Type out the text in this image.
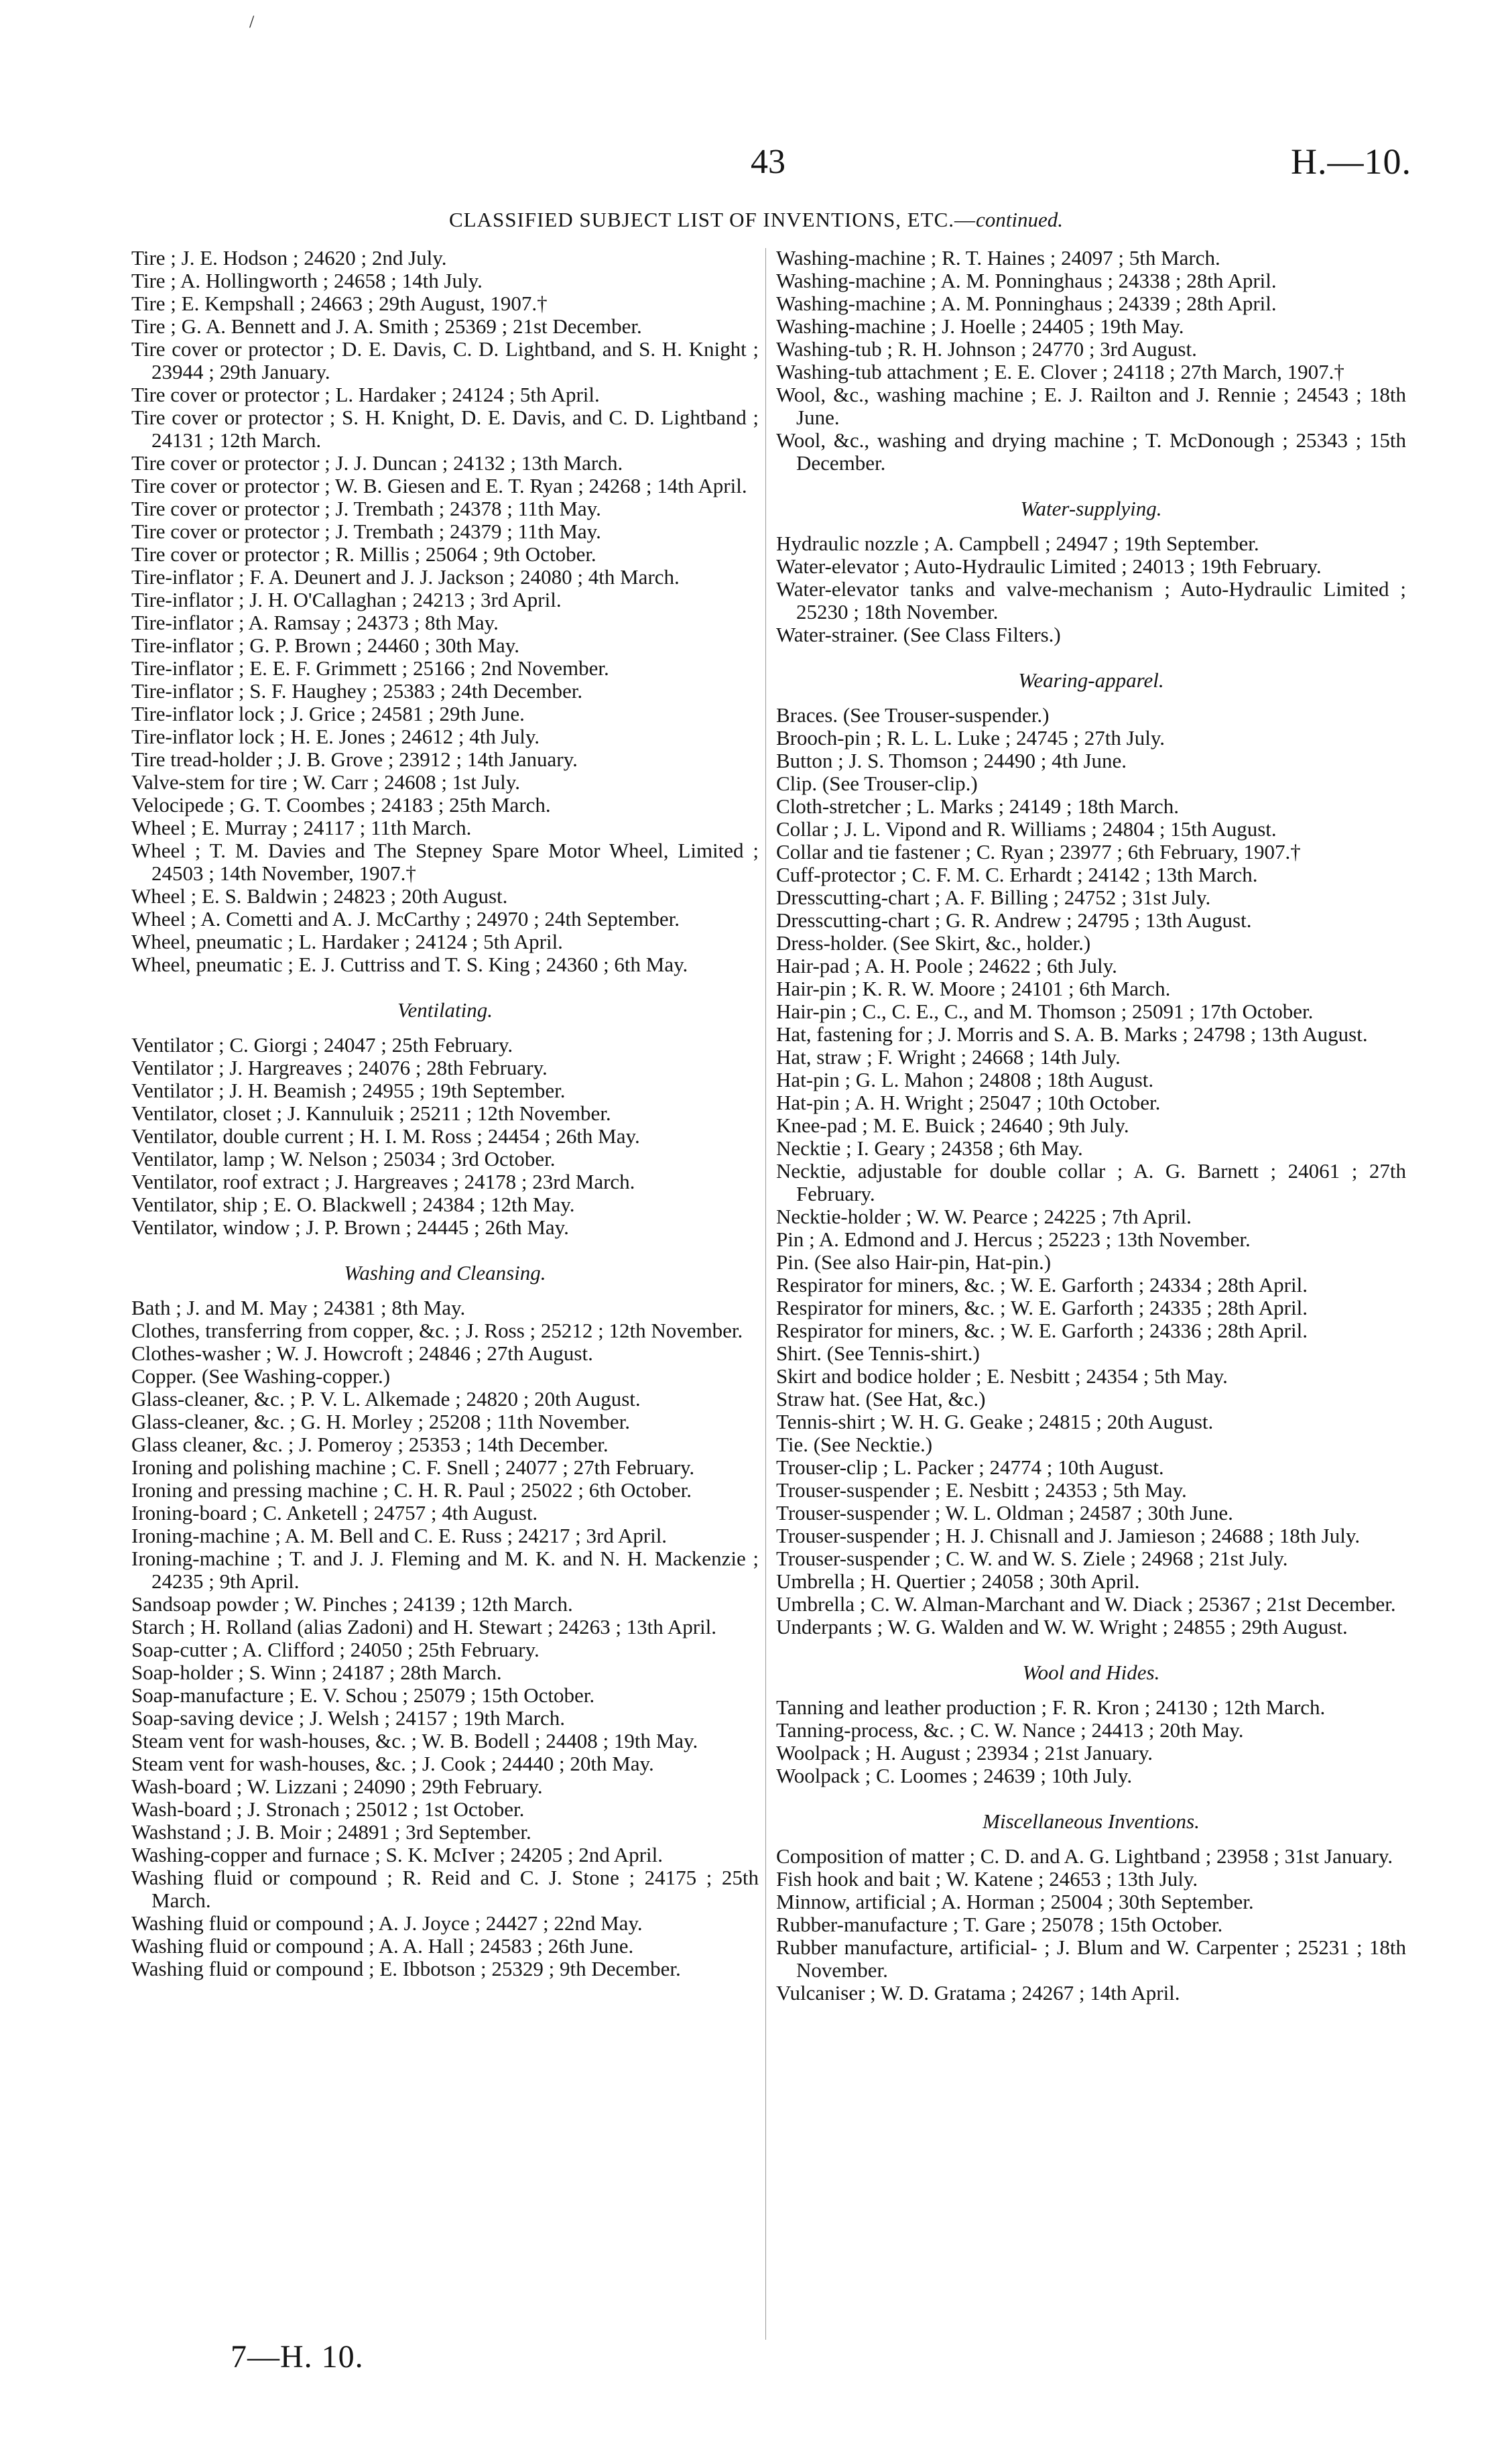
/
43	H.—10.
CLASSIFIED SUBJECT LIST OF INVENTIONS, ETC.—continued.

Tire ; J. E. Hodson ; 24620 ; 2nd July.

Tire ; A. Hollingworth ; 24658 ; 14th July.

Tire ; E. Kempshall ; 24663 ; 29th August, 1907.†

Tire ; G. A. Bennett and J. A. Smith ; 25369 ; 21st December.

Tire cover or protector ; D. E. Davis, C. D. Lightband, and S. H. Knight ; 23944 ; 29th January.

Tire cover or protector ; L. Hardaker ; 24124 ; 5th April.

Tire cover or protector ; S. H. Knight, D. E. Davis, and C. D. Lightband ; 24131 ; 12th March.

Tire cover or protector ; J. J. Duncan ; 24132 ; 13th March.

Tire cover or protector ; W. B. Giesen and E. T. Ryan ; 24268 ; 14th April.

Tire cover or protector ; J. Trembath ; 24378 ; 11th May.

Tire cover or protector ; J. Trembath ; 24379 ; 11th May.

Tire cover or protector ; R. Millis ; 25064 ; 9th October.

Tire-inflator ; F. A. Deunert and J. J. Jackson ; 24080 ; 4th March.

Tire-inflator ; J. H. O'Callaghan ; 24213 ; 3rd April.

Tire-inflator ; A. Ramsay ; 24373 ; 8th May.

Tire-inflator ; G. P. Brown ; 24460 ; 30th May.

Tire-inflator ; E. E. F. Grimmett ; 25166 ; 2nd November.

Tire-inflator ; S. F. Haughey ; 25383 ; 24th December.

Tire-inflator lock ; J. Grice ; 24581 ; 29th June.

Tire-inflator lock ; H. E. Jones ; 24612 ; 4th July.

Tire tread-holder ; J. B. Grove ; 23912 ; 14th January.

Valve-stem for tire ; W. Carr ; 24608 ; 1st July.

Velocipede ; G. T. Coombes ; 24183 ; 25th March.

Wheel ; E. Murray ; 24117 ; 11th March.

Wheel ; T. M. Davies and The Stepney Spare Motor Wheel, Limited ; 24503 ; 14th November, 1907.†

Wheel ; E. S. Baldwin ; 24823 ; 20th August.

Wheel ; A. Cometti and A. J. McCarthy ; 24970 ; 24th September.

Wheel, pneumatic ; L. Hardaker ; 24124 ; 5th April.

Wheel, pneumatic ; E. J. Cuttriss and T. S. King ; 24360 ; 6th May.

Ventilating.

Ventilator ; C. Giorgi ; 24047 ; 25th February.

Ventilator ; J. Hargreaves ; 24076 ; 28th February.

Ventilator ; J. H. Beamish ; 24955 ; 19th September.

Ventilator, closet ; J. Kannuluik ; 25211 ; 12th November.

Ventilator, double current ; H. I. M. Ross ; 24454 ; 26th May.

Ventilator, lamp ; W. Nelson ; 25034 ; 3rd October.

Ventilator, roof extract ; J. Hargreaves ; 24178 ; 23rd March.

Ventilator, ship ; E. O. Blackwell ; 24384 ; 12th May.

Ventilator, window ; J. P. Brown ; 24445 ; 26th May.

Washing and Cleansing.

Bath ; J. and M. May ; 24381 ; 8th May.

Clothes, transferring from copper, &c. ; J. Ross ; 25212 ; 12th November.

Clothes-washer ; W. J. Howcroft ; 24846 ; 27th August.

Copper. (See Washing-copper.)

Glass-cleaner, &c. ; P. V. L. Alkemade ; 24820 ; 20th August.

Glass-cleaner, &c. ; G. H. Morley ; 25208 ; 11th November.

Glass cleaner, &c. ; J. Pomeroy ; 25353 ; 14th December.

Ironing and polishing machine ; C. F. Snell ; 24077 ; 27th February.

Ironing and pressing machine ; C. H. R. Paul ; 25022 ; 6th October.

Ironing-board ; C. Anketell ; 24757 ; 4th August.

Ironing-machine ; A. M. Bell and C. E. Russ ; 24217 ; 3rd April.

Ironing-machine ; T. and J. J. Fleming and M. K. and N. H. Mackenzie ; 24235 ; 9th April.

Sandsoap powder ; W. Pinches ; 24139 ; 12th March.

Starch ; H. Rolland (alias Zadoni) and H. Stewart ; 24263 ; 13th April.

Soap-cutter ; A. Clifford ; 24050 ; 25th February.

Soap-holder ; S. Winn ; 24187 ; 28th March.

Soap-manufacture ; E. V. Schou ; 25079 ; 15th October.

Soap-saving device ; J. Welsh ; 24157 ; 19th March.

Steam vent for wash-houses, &c. ; W. B. Bodell ; 24408 ; 19th May.

Steam vent for wash-houses, &c. ; J. Cook ; 24440 ; 20th May.

Wash-board ; W. Lizzani ; 24090 ; 29th February.

Wash-board ; J. Stronach ; 25012 ; 1st October.

Washstand ; J. B. Moir ; 24891 ; 3rd September.

Washing-copper and furnace ; S. K. McIver ; 24205 ; 2nd April.

Washing fluid or compound ; R. Reid and C. J. Stone ; 24175 ; 25th March.

Washing fluid or compound ; A. J. Joyce ; 24427 ; 22nd May.

Washing fluid or compound ; A. A. Hall ; 24583 ; 26th June.

Washing fluid or compound ; E. Ibbotson ; 25329 ; 9th December.

Washing-machine ; R. T. Haines ; 24097 ; 5th March.

Washing-machine ; A. M. Ponninghaus ; 24338 ; 28th April.

Washing-machine ; A. M. Ponninghaus ; 24339 ; 28th April.

Washing-machine ; J. Hoelle ; 24405 ; 19th May.

Washing-tub ; R. H. Johnson ; 24770 ; 3rd August.

Washing-tub attachment ; E. E. Clover ; 24118 ; 27th March, 1907.†

Wool, &c., washing machine ; E. J. Railton and J. Rennie ; 24543 ; 18th June.

Wool, &c., washing and drying machine ; T. McDonough ; 25343 ; 15th December.

Water-supplying.

Hydraulic nozzle ; A. Campbell ; 24947 ; 19th September.

Water-elevator ; Auto-Hydraulic Limited ; 24013 ; 19th February.

Water-elevator tanks and valve-mechanism ; Auto-Hydraulic Limited ; 25230 ; 18th November.

Water-strainer. (See Class Filters.)

Wearing-apparel.

Braces. (See Trouser-suspender.)

Brooch-pin ; R. L. L. Luke ; 24745 ; 27th July.

Button ; J. S. Thomson ; 24490 ; 4th June.

Clip. (See Trouser-clip.)

Cloth-stretcher ; L. Marks ; 24149 ; 18th March.

Collar ; J. L. Vipond and R. Williams ; 24804 ; 15th August.

Collar and tie fastener ; C. Ryan ; 23977 ; 6th February, 1907.†

Cuff-protector ; C. F. M. C. Erhardt ; 24142 ; 13th March.

Dresscutting-chart ; A. F. Billing ; 24752 ; 31st July.

Dresscutting-chart ; G. R. Andrew ; 24795 ; 13th August.

Dress-holder. (See Skirt, &c., holder.)

Hair-pad ; A. H. Poole ; 24622 ; 6th July.

Hair-pin ; K. R. W. Moore ; 24101 ; 6th March.

Hair-pin ; C., C. E., C., and M. Thomson ; 25091 ; 17th October.

Hat, fastening for ; J. Morris and S. A. B. Marks ; 24798 ; 13th August.

Hat, straw ; F. Wright ; 24668 ; 14th July.

Hat-pin ; G. L. Mahon ; 24808 ; 18th August.

Hat-pin ; A. H. Wright ; 25047 ; 10th October.

Knee-pad ; M. E. Buick ; 24640 ; 9th July.

Necktie ; I. Geary ; 24358 ; 6th May.

Necktie, adjustable for double collar ; A. G. Barnett ; 24061 ; 27th February.

Necktie-holder ; W. W. Pearce ; 24225 ; 7th April.

Pin ; A. Edmond and J. Hercus ; 25223 ; 13th November.

Pin. (See also Hair-pin, Hat-pin.)

Respirator for miners, &c. ; W. E. Garforth ; 24334 ; 28th April.

Respirator for miners, &c. ; W. E. Garforth ; 24335 ; 28th April.

Respirator for miners, &c. ; W. E. Garforth ; 24336 ; 28th April.

Shirt. (See Tennis-shirt.)

Skirt and bodice holder ; E. Nesbitt ; 24354 ; 5th May.

Straw hat. (See Hat, &c.)

Tennis-shirt ; W. H. G. Geake ; 24815 ; 20th August.

Tie. (See Necktie.)

Trouser-clip ; L. Packer ; 24774 ; 10th August.

Trouser-suspender ; E. Nesbitt ; 24353 ; 5th May.

Trouser-suspender ; W. L. Oldman ; 24587 ; 30th June.

Trouser-suspender ; H. J. Chisnall and J. Jamieson ; 24688 ; 18th July.

Trouser-suspender ; C. W. and W. S. Ziele ; 24968 ; 21st July.

Umbrella ; H. Quertier ; 24058 ; 30th April.

Umbrella ; C. W. Alman-Marchant and W. Diack ; 25367 ; 21st December.

Underpants ; W. G. Walden and W. W. Wright ; 24855 ; 29th August.

Wool and Hides.

Tanning and leather production ; F. R. Kron ; 24130 ; 12th March.

Tanning-process, &c. ; C. W. Nance ; 24413 ; 20th May.

Woolpack ; H. August ; 23934 ; 21st January.

Woolpack ; C. Loomes ; 24639 ; 10th July.

Miscellaneous Inventions.

Composition of matter ; C. D. and A. G. Lightband ; 23958 ; 31st January.

Fish hook and bait ; W. Katene ; 24653 ; 13th July.

Minnow, artificial ; A. Horman ; 25004 ; 30th September.

Rubber-manufacture ; T. Gare ; 25078 ; 15th October.

Rubber manufacture, artificial- ; J. Blum and W. Carpenter ; 25231 ; 18th November.

Vulcaniser ; W. D. Gratama ; 24267 ; 14th April.

7—H. 10.
